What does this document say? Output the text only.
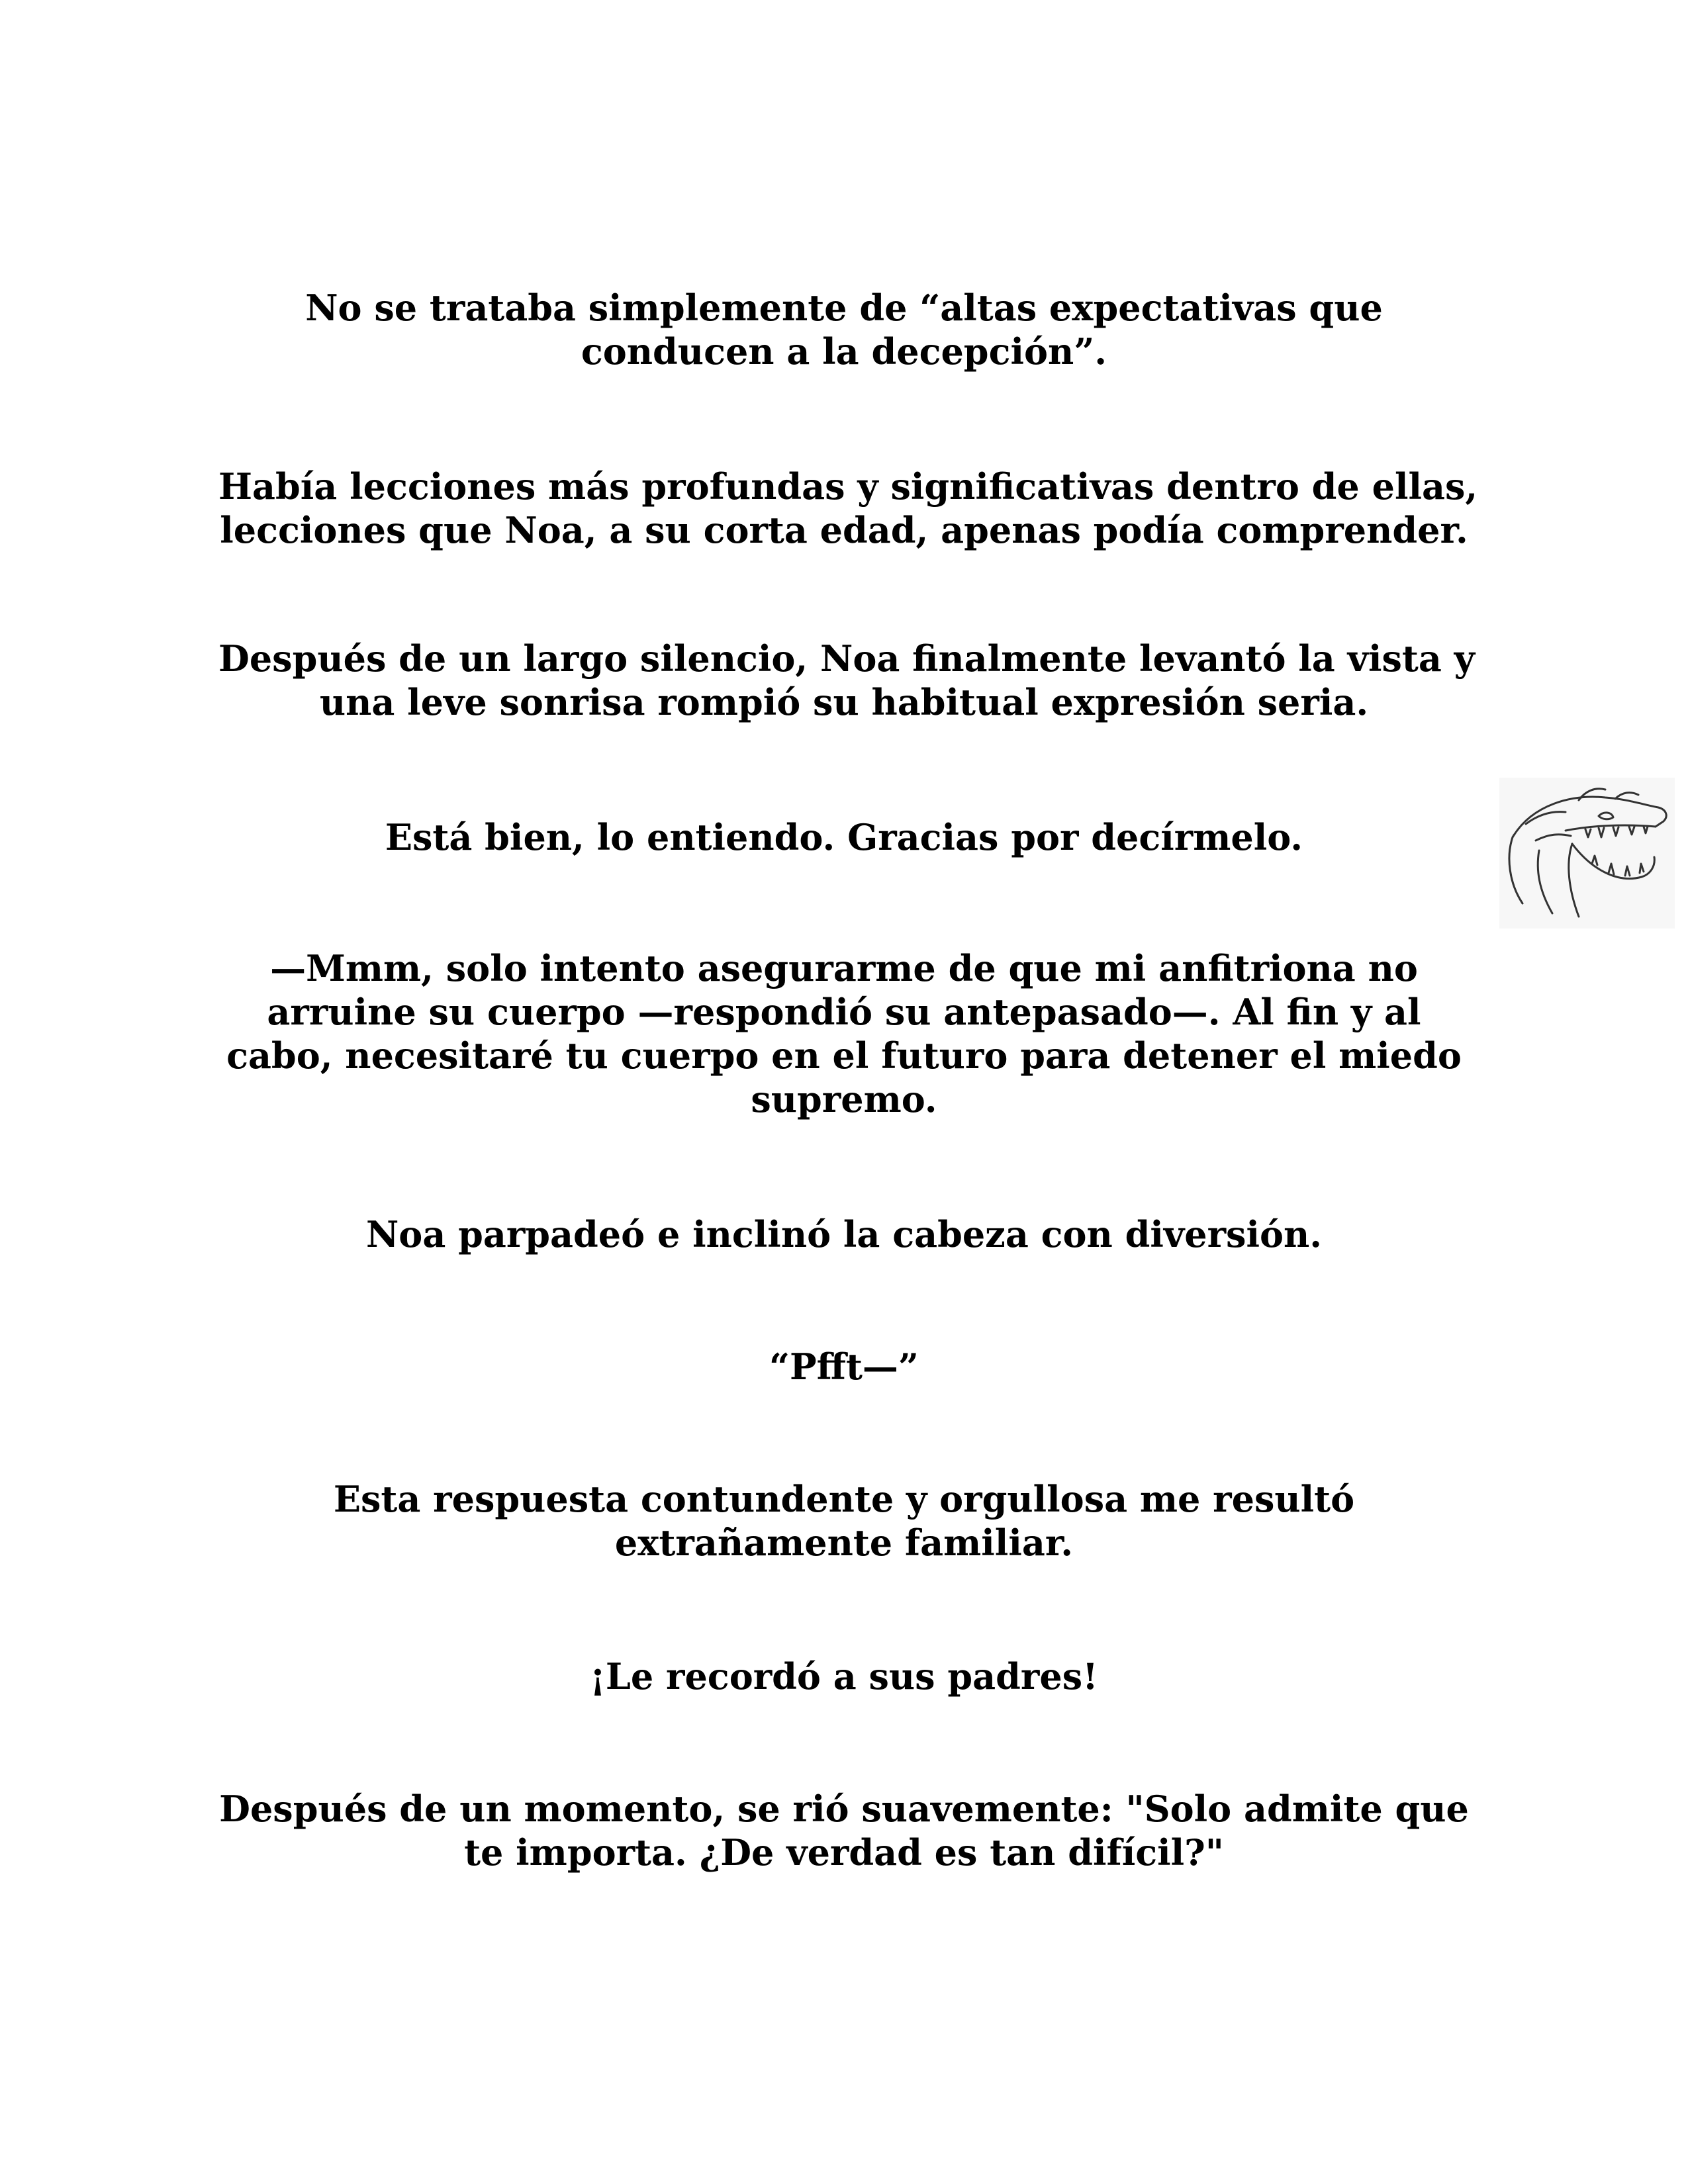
No se trataba simplemente de “altas expectativas que
conducen a la decepción”.

Había lecciones más profundas y significativas dentro de ellas,
lecciones que Noa, a su corta edad, apenas podía comprender.

Después de un largo silencio, Noa finalmente levantó la vista y
una leve sonrisa rompió su habitual expresión seria.

Está bien, lo entiendo. Gracias por decírmelo.

—Mmm, solo intento asegurarme de que mi anfitriona no
arruine su cuerpo —respondió su antepasado—. Al fin y al
cabo, necesitaré tu cuerpo en el futuro para detener el miedo
supremo.

Noa parpadeó e inclinó la cabeza con diversión.

“Pfft—”

Esta respuesta contundente y orgullosa me resultó
extrañamente familiar.

¡Le recordó a sus padres!

Después de un momento, se rió suavemente: "Solo admite que
te importa. ¿De verdad es tan difícil?"
